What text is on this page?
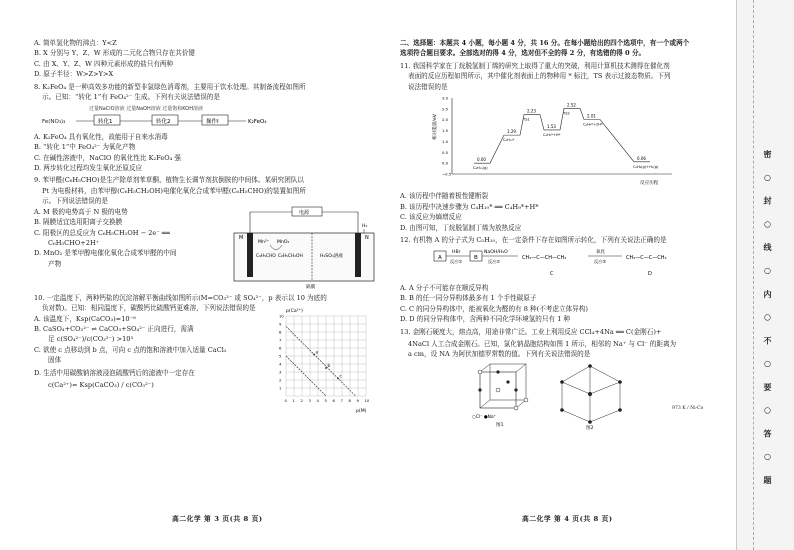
A. 简单氢化物的沸点：Y<Z
B. X 分别与 Y、Z、W 形成的二元化合物只存在共价键
C. 由 X、Y、Z、W 四种元素形成的盐只有两种
D. 原子半径：W>Z>Y>X
8. K₂FeO₄ 是一种高效多功能的新型非氯绿色消毒剂，主要用于饮水处理。其制备流程如图所
示。已知：“转化 1”有 FeO₄²⁻ 生成。下列有关说法错误的是
过量NaClO溶液 过量NaOH溶液 过量饱和KOH溶液
Fe(NO₃)₃	转化1	转化2	操作I	K₂FeO₄
A. K₂FeO₄ 具有氧化性，故能用于自来水消毒
B. “转化 1”中 FeO₄²⁻ 为氧化产物
C. 在碱性溶液中，NaClO 的氧化性比 K₂FeO₄ 强
D. 两步转化过程均发生氧化还原反应
9. 苯甲醛(C₆H₅CHO)是生产除草剂苯草酮、植物生长调节剂抗倒胺的中间体。某研究团队以
Pt 为电极材料，由苯甲醇(C₆H₅CH₂OH)电催化氧化合成苯甲醛(C₆H₅CHO)的装置如图所
示。下列说法错误的是
A. M 极的电势高于 N 极的电势
B. 隔膜适宜选用阳离子交换膜
C. 阳极区的总反应为 C₆H₅CH₂OH − 2e⁻ ══
C₆H₅CHO+2H⁺
D. MnO₂ 是苯甲醇电催化氧化合成苯甲醛的中间
产物
电源
M	N
Mn²⁺ MnO₂
C₆H₅CHO C₆H₅CH₂OH	H₂SO₄溶液
H₂
隔膜
10. 一定温度下，两种钙盐的沉淀溶解平衡曲线如图所示(M=CO₃²⁻ 或 SO₄²⁻，p 表示以 10 为底的
负对数)。已知：相同温度下，碳酸钙比硫酸钙更难溶，下列说法错误的是
A. 该温度下，Ksp(CaCO₃)=10⁻⁸
B. CaSO₄+CO₃²⁻ ⇌ CaCO₃+SO₄²⁻ 正向进行，需满
足 c(SO₄²⁻)/c(CO₃²⁻) >10³
C. 欲使 c 点移动到 b 点，可向 c 点的饱和溶液中加入适量 CaCl₂
固体
D. 生活中用碳酸钠溶液浸泡硫酸钙后的滤液中一定存在
c(Ca²⁺)= Ksp(CaCO₃) / c(CO₃²⁻)
p(Ca²⁺)
p(M)
0 1 2 3 4 5 6 7 8 9 10
10
9
8
7
6
5
4
3
2
1
a
b
c
高二化学 第 3 页(共 8 页)
二、选择题：本题共 4 小题，每小题 4 分，共 16 分。在每小题给出的四个选项中，有一个或两个
选项符合题目要求。全部选对的得 4 分，选对但不全的得 2 分，有选错的得 0 分。
11. 我国科学家在丁烷脱氢制丁烯的研究上取得了重大的突破，利用计算机技术测得在催化剂
表面的反应历程如图所示，其中催化剂表面上的物种用 * 标注，TS 表示过渡态物质。下列
说法错误的是
相对能量/eV
反应历程
3.0
2.5
2.0
1.5
1.0
0.5
0.0
−0.5
0.00
C₄H₁₀(g)
1.29
C₄H₁₀*
2.23
TS1
1.53
C₄H₉*+H*
2.52
TS2
2.01
C₄H₈*+2H*
0.06
C₄H₈(g)+H₂(g)
A. 该历程中伴随着极性键断裂
B. 该历程中决速步骤为 C₄H₁₀* ══ C₄H₉*+H*
C. 该反应为熵增反应
D. 由图可知，丁烷脱氢制丁烯为放热反应
12. 有机物 A 的分子式为 C₅H₁₀，在一定条件下存在如图所示转化，下列有关说法正确的是
A
HBr
反应①
B
NaOH/H₂O
反应②
CH₃—C—CH—CH₃
C
氧化
反应③
CH₃—C—C—CH₃
D
A. A 分子不可能存在顺反异构
B. B 的任一同分异构体最多有 1 个手性碳原子
C. C 的同分异构体中，能被氧化为醛的有 8 种(不考虑立体异构)
D. D 的同分异构体中，含两种不同化学环境氢的只有 1 种
13. 金刚石硬度大，熔点高，用途非常广泛。工业上利用反应 CCl₄+4Na ══ C(金刚石)+
4NaCl 人工合成金刚石。已知，氯化钠晶胞结构如图 1 所示，相邻的 Na⁺ 与 Cl⁻ 的距离为
a cm，设 NA 为阿伏加德罗常数的值。下列有关说法错误的是
973 K / Ni-Co
○Cl⁻ ●Na⁺
图1
图2
高二化学 第 4 页(共 8 页)
密 ○ 封 ○ 线 ○ 内 ○ 不 ○ 要 ○ 答 ○ 题
